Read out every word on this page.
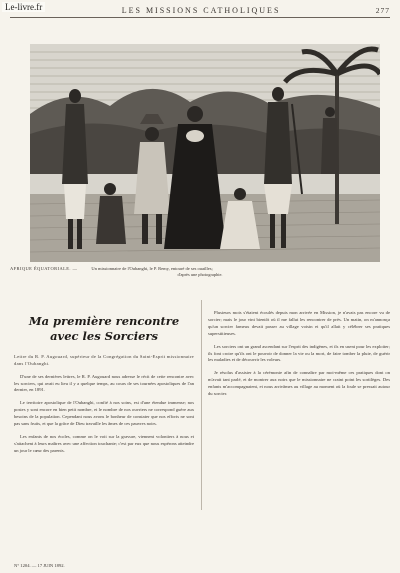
Le-livre.fr	LES MISSIONS CATHOLIQUES	277
AFRIQUE ÉQUATORIALE. —	Un missionnaire de l'Oubanghi, le P. Remy, entouré de ses ouailles;
d'après une photographie.
Ma première rencontre
avec les Sorciers
Lettre du R. P. Augouard, supérieur de la Congrégation du Saint-Esprit missionnaire dans l'Oubanghi.
D'une de ses dernières lettres, le R. P. Augouard nous adresse le récit de cette rencontre avec les sorciers, qui avait eu lieu il y a quelque temps, au cours de ses tournées apostoliques de l'an dernier, en 1891.
Le territoire apostolique de l'Oubanghi, confié à nos soins, est d'une étendue immense; nos postes y sont encore en bien petit nombre, et le nombre de nos ouvriers ne correspond guère aux besoins de la population. Cependant nous avons le bonheur de constater que nos efforts ne sont pas sans fruits, et que la grâce de Dieu travaille les âmes de ces pauvres noirs.
Les enfants de nos écoles, comme on le voit sur la gravure, viennent volontiers à nous et s'attachent à leurs maîtres avec une affection touchante; c'est par eux que nous espérons atteindre un jour le cœur des parents.
Plusieurs mois s'étaient écoulés depuis mon arrivée en Mission, je n'avais pas encore vu de sorcier; mais le jour vint bientôt où il me fallut les rencontrer de près. Un matin, on m'annonça qu'un sorcier fameux devait passer au village voisin et qu'il allait y célébrer ses pratiques superstitieuses.
Les sorciers ont un grand ascendant sur l'esprit des indigènes, et ils en usent pour les exploiter; ils font croire qu'ils ont le pouvoir de donner la vie ou la mort, de faire tomber la pluie, de guérir les maladies et de découvrir les voleurs.
Je résolus d'assister à la cérémonie afin de connaître par moi-même ces pratiques dont on m'avait tant parlé, et de montrer aux noirs que le missionnaire ne craint point les sortilèges. Des enfants m'accompagnaient, et nous arrivâmes au village au moment où la foule se pressait autour du sorcier.
N° 1204. — 17 JUIN 1892.
